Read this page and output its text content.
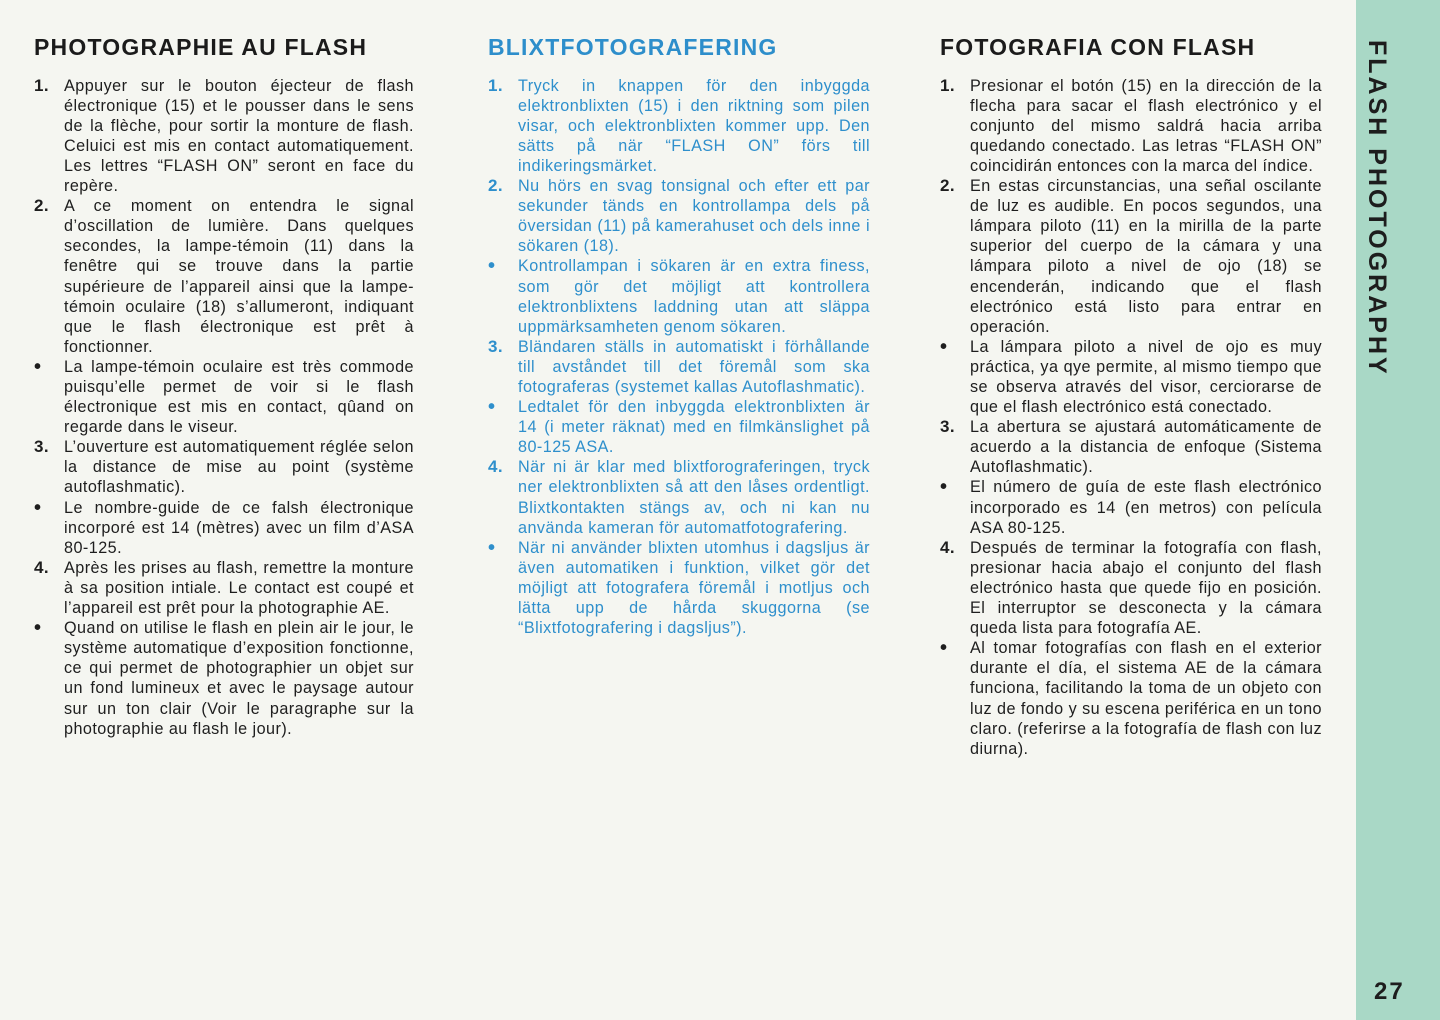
PHOTOGRAPHIE AU FLASH
1. Appuyer sur le bouton éjecteur de flash électronique (15) et le pousser dans le sens de la flèche, pour sortir la monture de flash. Celuici est mis en contact automatiquement. Les lettres “FLASH ON” seront en face du repère.
2. A ce moment on entendra le signal d’oscillation de lumière. Dans quelques secondes, la lampe-témoin (11) dans la fenêtre qui se trouve dans la partie supérieure de l’appareil ainsi que la lampe-témoin oculaire (18) s’allumeront, indiquant que le flash électronique est prêt à fonctionner.
•	La lampe-témoin oculaire est très commode puisqu’elle permet de voir si le flash électronique est mis en contact, qûand on regarde dans le viseur.
3. L’ouverture est automatiquement réglée selon la distance de mise au point (système autoflashmatic).
•	Le nombre-guide de ce falsh électronique incorporé est 14 (mètres) avec un film d’ASA 80-125.
4. Après les prises au flash, remettre la monture à sa position intiale. Le contact est coupé et l’appareil est prêt pour la photographie AE.
•	Quand on utilise le flash en plein air le jour, le système automatique d’exposition fonctionne, ce qui permet de photographier un objet sur un fond lumineux et avec le paysage autour sur un ton clair (Voir le paragraphe sur la photographie au flash le jour).
BLIXTFOTOGRAFERING
1. Tryck in knappen för den inbyggda elektronblixten (15) i den riktning som pilen visar, och elektronblixten kommer upp. Den sätts på när “FLASH ON” förs till indikeringsmärket.
2. Nu hörs en svag tonsignal och efter ett par sekunder tänds en kontrollampa dels på översidan (11) på kamerahuset och dels inne i sökaren (18).
•	Kontrollampan i sökaren är en extra finess, som gör det möjligt att kontrollera elektronblixtens laddning utan att släppa uppmärksamheten genom sökaren.
3. Bländaren ställs in automatiskt i förhållande till avståndet till det föremål som ska fotograferas (systemet kallas Autoflashmatic).
•	Ledtalet för den inbyggda elektronblixten är 14 (i meter räknat) med en filmkänslighet på 80-125 ASA.
4. När ni är klar med blixtforograferingen, tryck ner elektronblixten så att den låses ordentligt. Blixtkontakten stängs av, och ni kan nu använda kameran för automatfotografering.
•	När ni använder blixten utomhus i dagsljus är även automatiken i funktion, vilket gör det möjligt att fotografera föremål i motljus och lätta upp de hårda skuggorna (se “Blixtfotografering i dagsljus”).
FOTOGRAFIA CON FLASH
1. Presionar el botón (15) en la dirección de la flecha para sacar el flash electrónico y el conjunto del mismo saldrá hacia arriba quedando conectado. Las letras “FLASH ON” coincidirán entonces con la marca del índice.
2. En estas circunstancias, una señal oscilante de luz es audible. En pocos segundos, una lámpara piloto (11) en la mirilla de la parte superior del cuerpo de la cámara y una lámpara piloto a nivel de ojo (18) se encenderán, indicando que el flash electrónico está listo para entrar en operación.
•	La lámpara piloto a nivel de ojo es muy práctica, ya qye permite, al mismo tiempo que se observa através del visor, cerciorarse de que el flash electrónico está conectado.
3. La abertura se ajustará automáticamente de acuerdo a la distancia de enfoque (Sistema Autoflashmatic).
•	El número de guía de este flash electrónico incorporado es 14 (en metros) con película ASA 80-125.
4. Después de terminar la fotografía con flash, presionar hacia abajo el conjunto del flash electrónico hasta que quede fijo en posición. El interruptor se desconecta y la cámara queda lista para fotografía AE.
•	Al tomar fotografías con flash en el exterior durante el día, el sistema AE de la cámara funciona, facilitando la toma de un objeto con luz de fondo y su escena periférica en un tono claro. (referirse a la fotografía de flash con luz diurna).
FLASH PHOTOGRAPHY
27
